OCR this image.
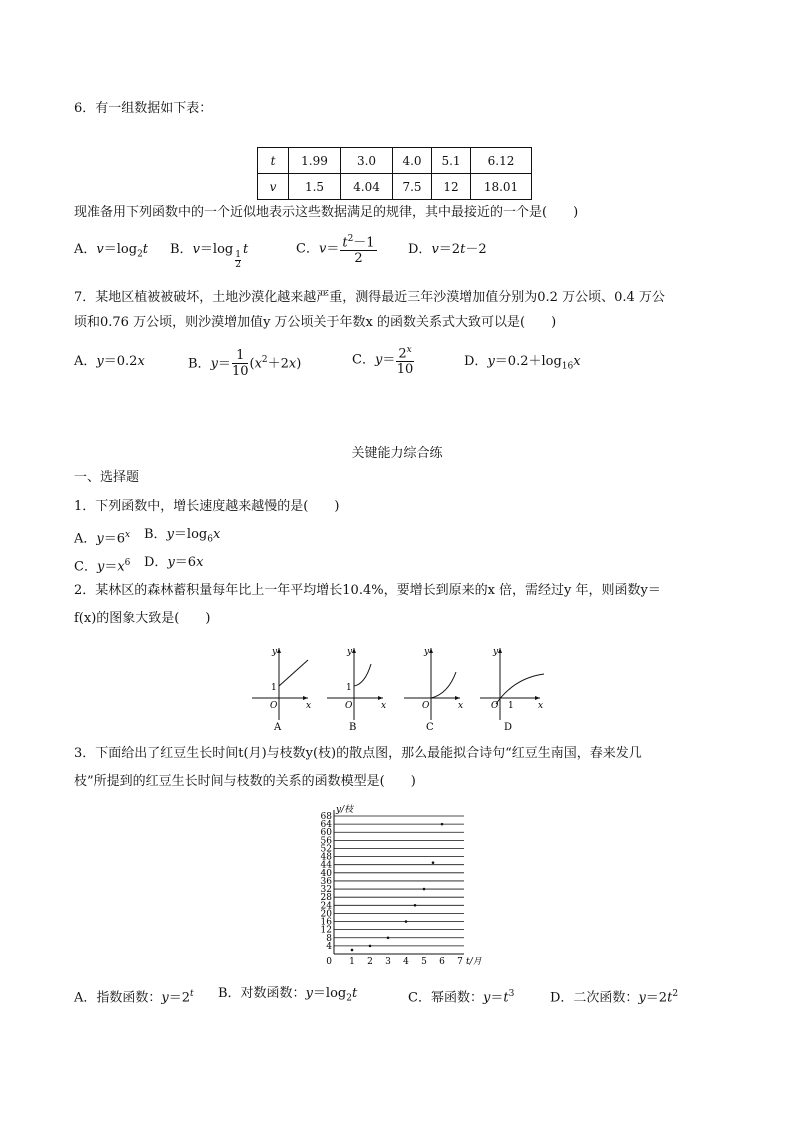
6．有一组数据如下表：
t	1.99	3.0	4.0	5.1	6.12
v	1.5	4.04	7.5	12	18.01
现准备用下列函数中的一个近似地表示这些数据满足的规律，其中最接近的一个是(　　)
A．$v=\log_2t$ B．v＝log
$\frac{1}{2}$
t	C．$v= \frac{t^2-1}{2}$ D．v＝2t－2
7．某地区植被被破坏，土地沙漠化越来越严重，测得最近三年沙漠增加值分别为0.2 万公顷、0.4 万公
顷和0.76 万公顷，则沙漠增加值y 万公顷关于年数x 的函数关系式大致可以是(　　)
A．y＝0.2x	B．$y= \frac{1}{10} (x^2+2x)$	C．$y= \frac{2^x}{10}$	D．$y=0.2+\log_{16}x$
关键能力综合练
一、选择题
1．下列函数中，增长速度越来越慢的是(　　)
A．$y=6^x$ B．$y=\log_6x$
C．$y=x^6$ D．y＝6x
2．某林区的森林蓄积量每年比上一年平均增长10.4%，要增长到原来的x 倍，需经过y 年，则函数y＝
f(x)的图象大致是(　　)
y
x
O
1
A
y
x
O
1
B
y
x
O
C
y
x
O 1
D
3．下面给出了红豆生长时间t(月)与枝数y(枝)的散点图，那么最能拟合诗句“红豆生南国，春来发几
枝”所提到的红豆生长时间与枝数的关系的函数模型是(　　)
4
8
12
16
20
24
28
32
36
40
44
48
52
56
60
64
68
0 1 2 3 4 5 6 7 t/月
y/枝
A．指数函数：$y=2^t$ B．对数函数：$y=\log_2t$	C．幂函数：$y=t^3$	D．二次函数：$y=2t^2$
